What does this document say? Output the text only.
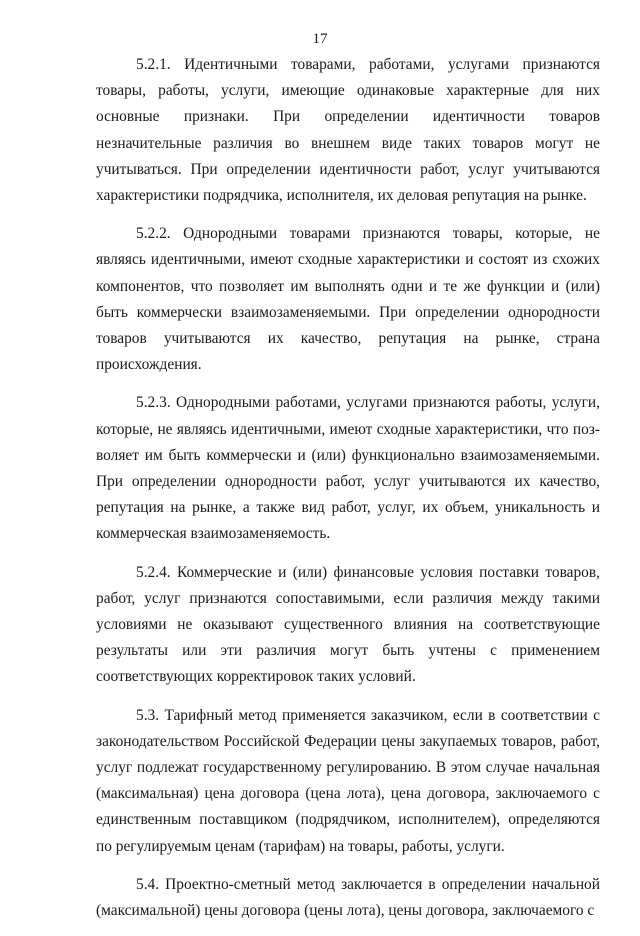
17

5.2.1. Идентичными товарами, работами, услугами признаются товары, работы, услуги, имеющие одинаковые характерные для них основные признаки. При определении идентичности товаров незначительные различия во внешнем виде таких товаров могут не учитываться. При определении идентичности работ, услуг учитываются характеристики подрядчика, исполнителя, их деловая репутация на рынке.

5.2.2. Однородными товарами признаются товары, которые, не являясь идентичными, имеют сходные характеристики и состоят из схожих компонентов, что позволяет им выполнять одни и те же функции и (или) быть коммерчески взаимозаменяемыми. При определении однородности товаров учитываются их качество, репутация на рынке, страна происхождения.

5.2.3. Однородными работами, услугами признаются работы, услуги, которые, не являясь идентичными, имеют сходные характеристики, что позволяет им быть коммерчески и (или) функционально взаимозаменяемыми. При определении однородности работ, услуг учитываются их качество, репутация на рынке, а также вид работ, услуг, их объем, уникальность и коммерческая взаимозаменяемость.

5.2.4. Коммерческие и (или) финансовые условия поставки товаров, работ, услуг признаются сопоставимыми, если различия между такими условиями не оказывают существенного влияния на соответствующие результаты или эти различия могут быть учтены с применением соответствующих корректировок таких условий.

5.3. Тарифный метод применяется заказчиком, если в соответствии с законодательством Российской Федерации цены закупаемых товаров, работ, услуг подлежат государственному регулированию. В этом случае начальная (максимальная) цена договора (цена лота), цена договора, заключаемого с единственным поставщиком (подрядчиком, исполнителем), определяются по регулируемым ценам (тарифам) на товары, работы, услуги.

5.4. Проектно-сметный метод заключается в определении начальной (максимальной) цены договора (цены лота), цены договора, заключаемого с
